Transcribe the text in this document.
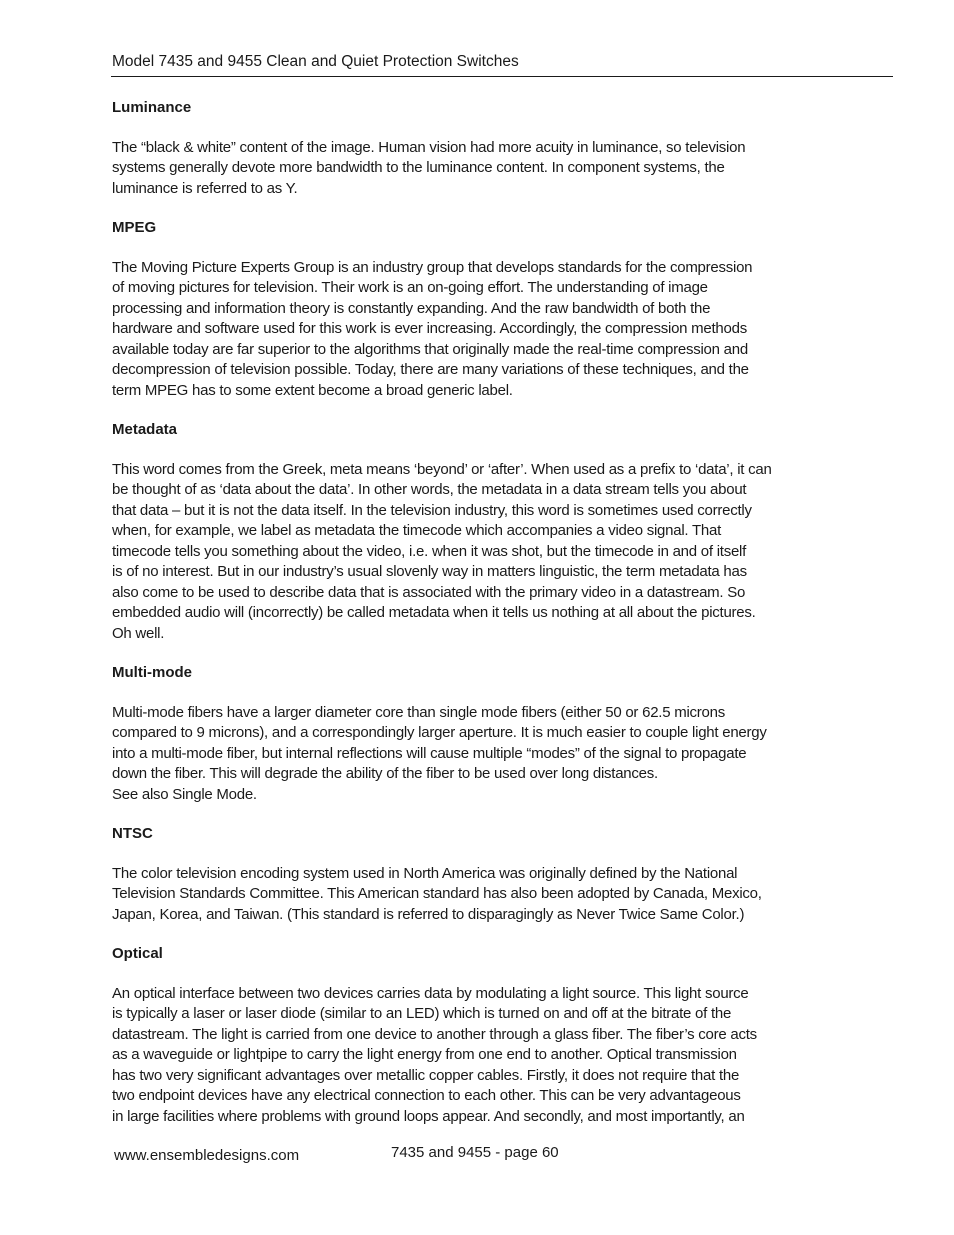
Model 7435 and 9455 Clean and Quiet Protection Switches
Luminance
The “black & white” content of the image. Human vision had more acuity in luminance, so television
systems generally devote more bandwidth to the luminance content. In component systems, the
luminance is referred to as Y.
MPEG
The Moving Picture Experts Group is an industry group that develops standards for the compression
of moving pictures for television. Their work is an on-going effort. The understanding of image
processing and information theory is constantly expanding. And the raw bandwidth of both the
hardware and software used for this work is ever increasing. Accordingly, the compression methods
available today are far superior to the algorithms that originally made the real-time compression and
decompression of television possible. Today, there are many variations of these techniques, and the
term MPEG has to some extent become a broad generic label.
Metadata
This word comes from the Greek, meta means ‘beyond’ or ‘after’. When used as a prefix to ‘data’, it can
be thought of as ‘data about the data’. In other words, the metadata in a data stream tells you about
that data – but it is not the data itself. In the television industry, this word is sometimes used correctly
when, for example, we label as metadata the timecode which accompanies a video signal. That
timecode tells you something about the video, i.e. when it was shot, but the timecode in and of itself
is of no interest. But in our industry’s usual slovenly way in matters linguistic, the term metadata has
also come to be used to describe data that is associated with the primary video in a datastream. So
embedded audio will (incorrectly) be called metadata when it tells us nothing at all about the pictures.
Oh well.
Multi-mode
Multi-mode fibers have a larger diameter core than single mode fibers (either 50 or 62.5 microns
compared to 9 microns), and a correspondingly larger aperture. It is much easier to couple light energy
into a multi-mode fiber, but internal reflections will cause multiple “modes” of the signal to propagate
down the fiber. This will degrade the ability of the fiber to be used over long distances.
See also Single Mode.
NTSC
The color television encoding system used in North America was originally defined by the National
Television Standards Committee. This American standard has also been adopted by Canada, Mexico,
Japan, Korea, and Taiwan. (This standard is referred to disparagingly as Never Twice Same Color.)
Optical
An optical interface between two devices carries data by modulating a light source. This light source
is typically a laser or laser diode (similar to an LED) which is turned on and off at the bitrate of the
datastream. The light is carried from one device to another through a glass fiber. The fiber’s core acts
as a waveguide or lightpipe to carry the light energy from one end to another. Optical transmission
has two very significant advantages over metallic copper cables. Firstly, it does not require that the
two endpoint devices have any electrical connection to each other. This can be very advantageous
in large facilities where problems with ground loops appear. And secondly, and most importantly, an
www.ensembledesigns.com	7435 and 9455 - page 60
